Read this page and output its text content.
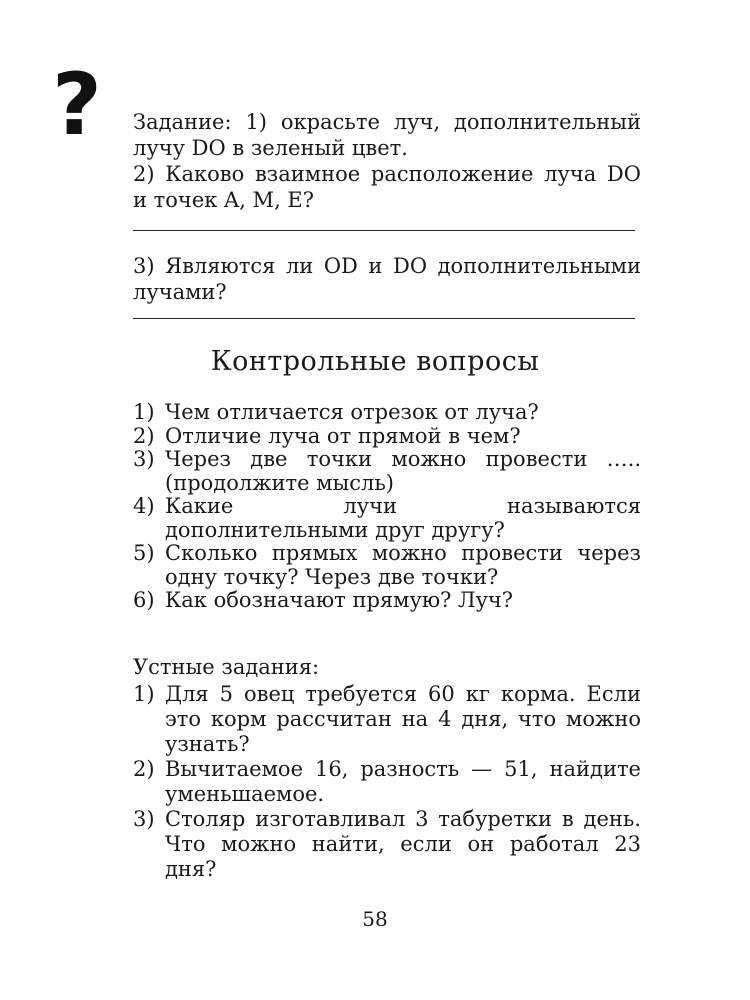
? Задание: 1) окрасьте луч, дополнительный лучу DO в зеленый цвет.

2) Каково взаимное расположение луча DO и точек A, M, E?

3) Являются ли OD и DO дополнительными лучами?

Контрольные вопросы
1) Чем отличается отрезок от луча?
2) Отличие луча от прямой в чем?
3) Через две точки можно провести ….. (продолжите мысль)
4) Какие лучи называются дополнительными друг другу?
5) Сколько прямых можно провести через одну точку? Через две точки?
6) Как обозначают прямую? Луч?
Устные задания:
1) Для 5 овец требуется 60 кг корма. Если это корм рассчитан на 4 дня, что можно узнать?
2) Вычитаемое 16, разность — 51, найдите уменьшаемое.
3) Столяр изготавливал 3 табуретки в день. Что можно найти, если он работал 23 дня?
58
